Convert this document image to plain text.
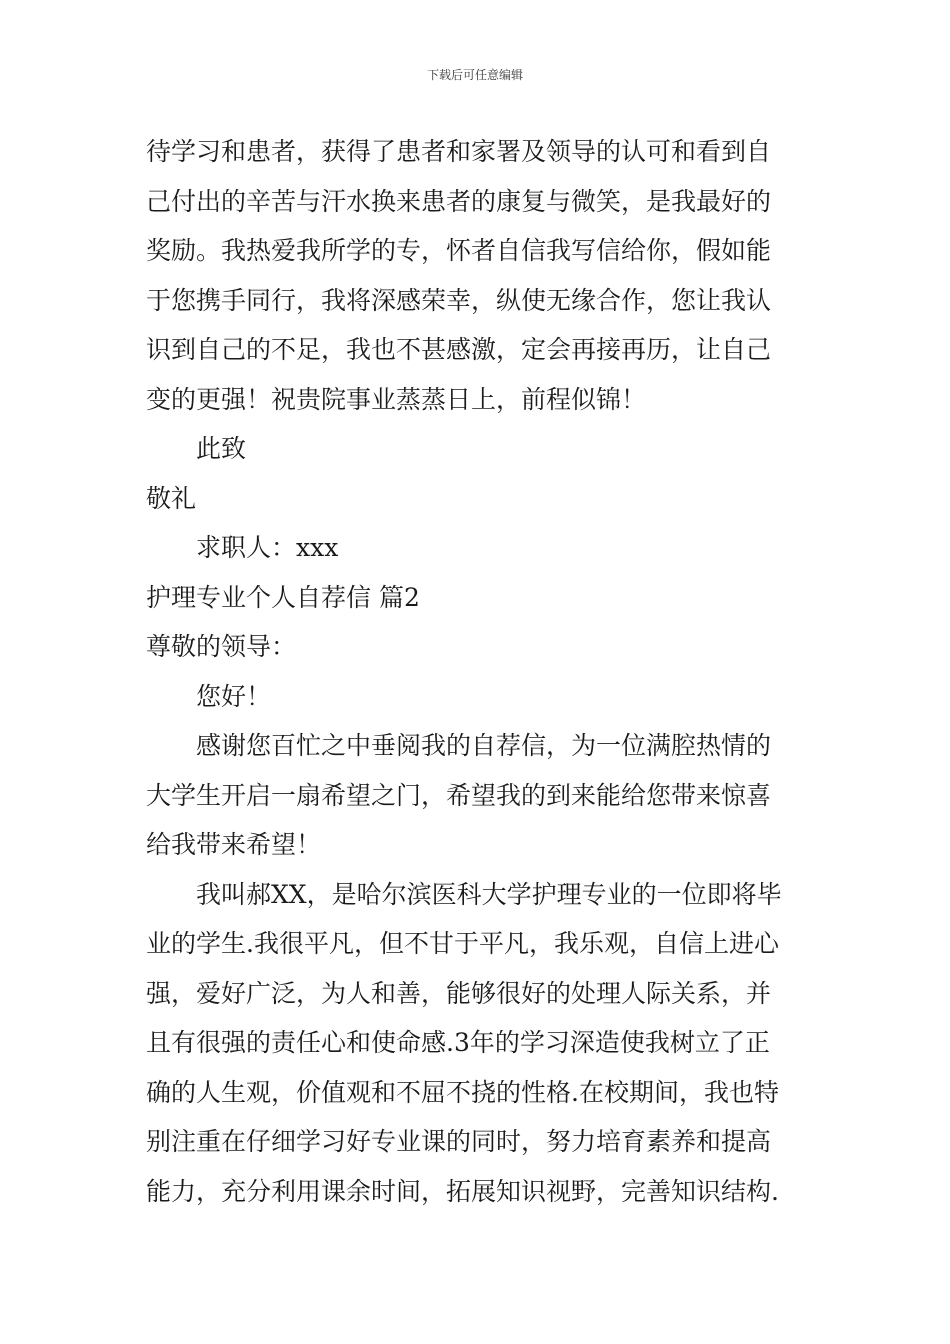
下载后可任意编辑
待学习和患者，获得了患者和家署及领导的认可和看到自
己付出的辛苦与汗水换来患者的康复与微笑，是我最好的
奖励。我热爱我所学的专，怀者自信我写信给你，假如能
于您携手同行，我将深感荣幸，纵使无缘合作，您让我认
识到自己的不足，我也不甚感激，定会再接再历，让自己
变的更强！祝贵院事业蒸蒸日上，前程似锦！
此致
敬礼
求职人：xxx
护理专业个人自荐信 篇2
尊敬的领导：
您好！
感谢您百忙之中垂阅我的自荐信，为一位满腔热情的
大学生开启一扇希望之门，希望我的到来能给您带来惊喜
给我带来希望！
我叫郝XX，是哈尔滨医科大学护理专业的一位即将毕
业的学生.我很平凡，但不甘于平凡，我乐观，自信上进心
强，爱好广泛，为人和善，能够很好的处理人际关系，并
且有很强的责任心和使命感.3年的学习深造使我树立了正
确的人生观，价值观和不屈不挠的性格.在校期间，我也特
别注重在仔细学习好专业课的同时，努力培育素养和提高
能力，充分利用课余时间，拓展知识视野，完善知识结构.
